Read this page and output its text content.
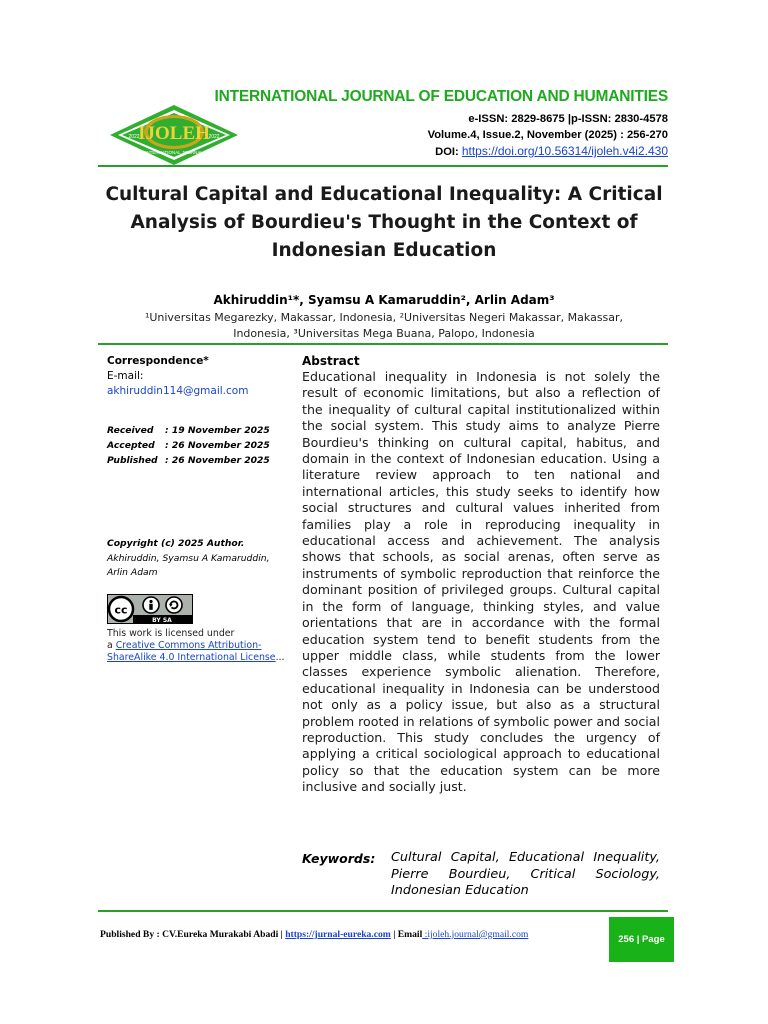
IJOLEH
2022	2022
INTERNATIONAL JOURNAL
INTERNATIONAL JOURNAL OF EDUCATION AND HUMANITIES
e-ISSN: 2829-8675 |p-ISSN: 2830-4578
Volume.4, Issue.2, November (2025) : 256-270
DOI: https://doi.org/10.56314/ijoleh.v4i2.430
Cultural Capital and Educational Inequality: A Critical
Analysis of Bourdieu's Thought in the Context of
Indonesian Education
Akhiruddin¹*, Syamsu A Kamaruddin², Arlin Adam³
¹Universitas Megarezky, Makassar, Indonesia, ²Universitas Negeri Makassar, Makassar,
Indonesia, ³Universitas Mega Buana, Palopo, Indonesia
Correspondence*
E-mail:
akhiruddin114@gmail.com
Received : 19 November 2025
Accepted : 26 November 2025
Published : 26 November 2025
Copyright (c) 2025 Author.
Akhiruddin, Syamsu A Kamaruddin, Arlin Adam
cc
BY SA
This work is licensed under
a Creative Commons Attribution-ShareAlike 4.0 International License...
Abstract
Educational inequality in Indonesia is not solely the result of economic limitations, but also a reflection of the inequality of cultural capital institutionalized within the social system. This study aims to analyze Pierre Bourdieu's thinking on cultural capital, habitus, and domain in the context of Indonesian education. Using a literature review approach to ten national and international articles, this study seeks to identify how social structures and cultural values inherited from families play a role in reproducing inequality in educational access and achievement. The analysis shows that schools, as social arenas, often serve as instruments of symbolic reproduction that reinforce the dominant position of privileged groups. Cultural capital in the form of language, thinking styles, and value orientations that are in accordance with the formal education system tend to benefit students from the upper middle class, while students from the lower classes experience symbolic alienation. Therefore, educational inequality in Indonesia can be understood not only as a policy issue, but also as a structural problem rooted in relations of symbolic power and social reproduction. This study concludes the urgency of applying a critical sociological approach to educational policy so that the education system can be more inclusive and socially just.
Keywords: Cultural Capital, Educational Inequality, Pierre Bourdieu, Critical Sociology, Indonesian Education
Published By : CV.Eureka Murakabi Abadi | https://jurnal-eureka.com | Email :ijoleh.journal@gmail.com	256 | Page
